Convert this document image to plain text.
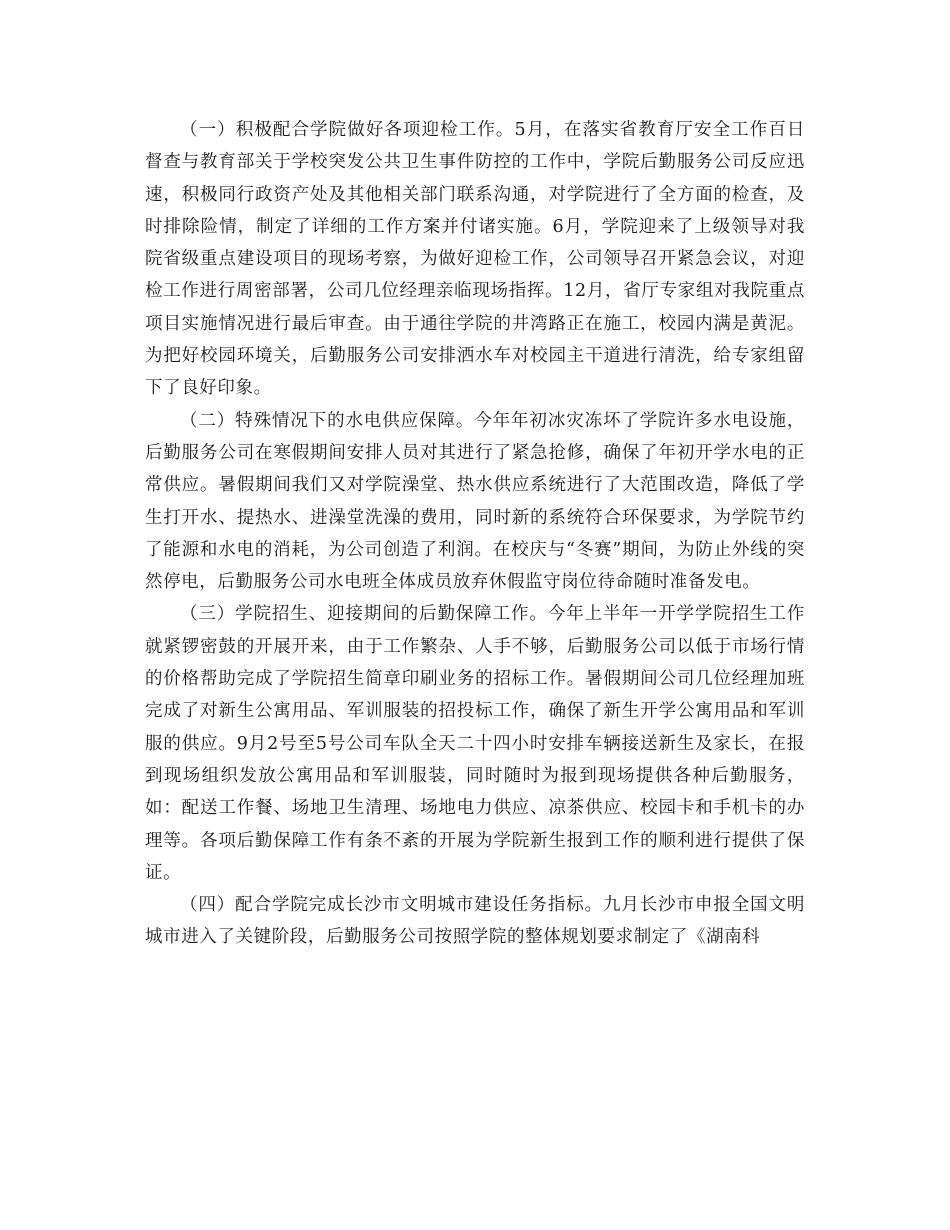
（一）积极配合学院做好各项迎检工作。5月，在落实省教育厅安全工作百日督查与教育部关于学校突发公共卫生事件防控的工作中，学院后勤服务公司反应迅速，积极同行政资产处及其他相关部门联系沟通，对学院进行了全方面的检查，及时排除险情，制定了详细的工作方案并付诸实施。6月，学院迎来了上级领导对我院省级重点建设项目的现场考察，为做好迎检工作，公司领导召开紧急会议，对迎检工作进行周密部署，公司几位经理亲临现场指挥。12月，省厅专家组对我院重点项目实施情况进行最后审查。由于通往学院的井湾路正在施工，校园内满是黄泥。为把好校园环境关，后勤服务公司安排洒水车对校园主干道进行清洗，给专家组留下了良好印象。

（二）特殊情况下的水电供应保障。今年年初冰灾冻坏了学院许多水电设施，后勤服务公司在寒假期间安排人员对其进行了紧急抢修，确保了年初开学水电的正常供应。暑假期间我们又对学院澡堂、热水供应系统进行了大范围改造，降低了学生打开水、提热水、进澡堂洗澡的费用，同时新的系统符合环保要求，为学院节约了能源和水电的消耗，为公司创造了利润。在校庆与“冬赛”期间，为防止外线的突然停电，后勤服务公司水电班全体成员放弃休假监守岗位待命随时准备发电。

（三）学院招生、迎接期间的后勤保障工作。今年上半年一开学学院招生工作就紧锣密鼓的开展开来，由于工作繁杂、人手不够，后勤服务公司以低于市场行情的价格帮助完成了学院招生简章印刷业务的招标工作。暑假期间公司几位经理加班完成了对新生公寓用品、军训服装的招投标工作，确保了新生开学公寓用品和军训服的供应。9月2号至5号公司车队全天二十四小时安排车辆接送新生及家长，在报到现场组织发放公寓用品和军训服装，同时随时为报到现场提供各种后勤服务，如：配送工作餐、场地卫生清理、场地电力供应、凉茶供应、校园卡和手机卡的办理等。各项后勤保障工作有条不紊的开展为学院新生报到工作的顺利进行提供了保证。

（四）配合学院完成长沙市文明城市建设任务指标。九月长沙市申报全国文明城市进入了关键阶段，后勤服务公司按照学院的整体规划要求制定了《湖南科
